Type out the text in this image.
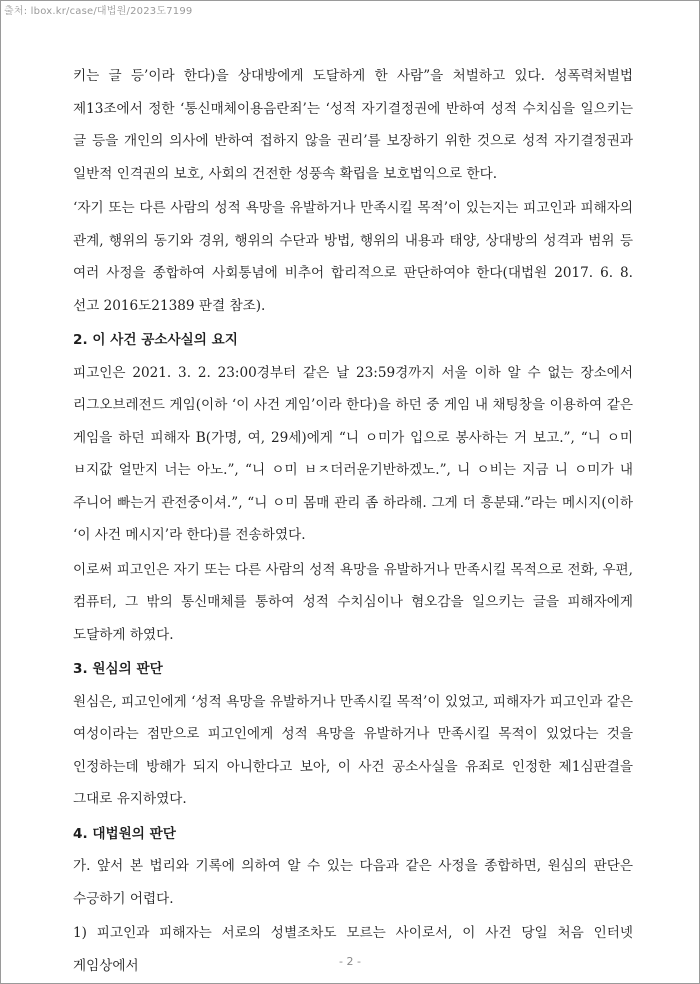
출처: lbox.kr/case/대법원/2023도7199

키는 글 등’이라 한다)을 상대방에게 도달하게 한 사람”을 처벌하고 있다. 성폭력처벌법 제13조에서 정한 ‘통신매체이용음란죄’는 ‘성적 자기결정권에 반하여 성적 수치심을 일으키는 글 등을 개인의 의사에 반하여 접하지 않을 권리’를 보장하기 위한 것으로 성적 자기결정권과 일반적 인격권의 보호, 사회의 건전한 성풍속 확립을 보호법익으로 한다.

‘자기 또는 다른 사람의 성적 욕망을 유발하거나 만족시킬 목적’이 있는지는 피고인과 피해자의 관계, 행위의 동기와 경위, 행위의 수단과 방법, 행위의 내용과 태양, 상대방의 성격과 범위 등 여러 사정을 종합하여 사회통념에 비추어 합리적으로 판단하여야 한다(대법원 2017. 6. 8. 선고 2016도21389 판결 참조).

2. 이 사건 공소사실의 요지

피고인은 2021. 3. 2. 23:00경부터 같은 날 23:59경까지 서울 이하 알 수 없는 장소에서 리그오브레전드 게임(이하 ‘이 사건 게임’이라 한다)을 하던 중 게임 내 채팅창을 이용하여 같은 게임을 하던 피해자 B(가명, 여, 29세)에게 “니 ㅇ미가 입으로 봉사하는 거 보고.”, “니 ㅇ미 ㅂ지값 얼만지 너는 아노.”, “니 ㅇ미 ㅂㅈ더러운기반하겠노.”, 니 ㅇ비는 지금 니 ㅇ미가 내 주니어 빠는거 관전중이셔.”, “니 ㅇ미 몸매 관리 좀 하라해. 그게 더 흥분돼.”라는 메시지(이하 ‘이 사건 메시지’라 한다)를 전송하였다.

이로써 피고인은 자기 또는 다른 사람의 성적 욕망을 유발하거나 만족시킬 목적으로 전화, 우편, 컴퓨터, 그 밖의 통신매체를 통하여 성적 수치심이나 혐오감을 일으키는 글을 피해자에게 도달하게 하였다.

3. 원심의 판단

원심은, 피고인에게 ‘성적 욕망을 유발하거나 만족시킬 목적’이 있었고, 피해자가 피고인과 같은 여성이라는 점만으로 피고인에게 성적 욕망을 유발하거나 만족시킬 목적이 있었다는 것을 인정하는데 방해가 되지 아니한다고 보아, 이 사건 공소사실을 유죄로 인정한 제1심판결을 그대로 유지하였다.

4. 대법원의 판단

가. 앞서 본 법리와 기록에 의하여 알 수 있는 다음과 같은 사정을 종합하면, 원심의 판단은 수긍하기 어렵다.

1) 피고인과 피해자는 서로의 성별조차도 모르는 사이로서, 이 사건 당일 처음 인터넷 게임상에서	- 2 -
